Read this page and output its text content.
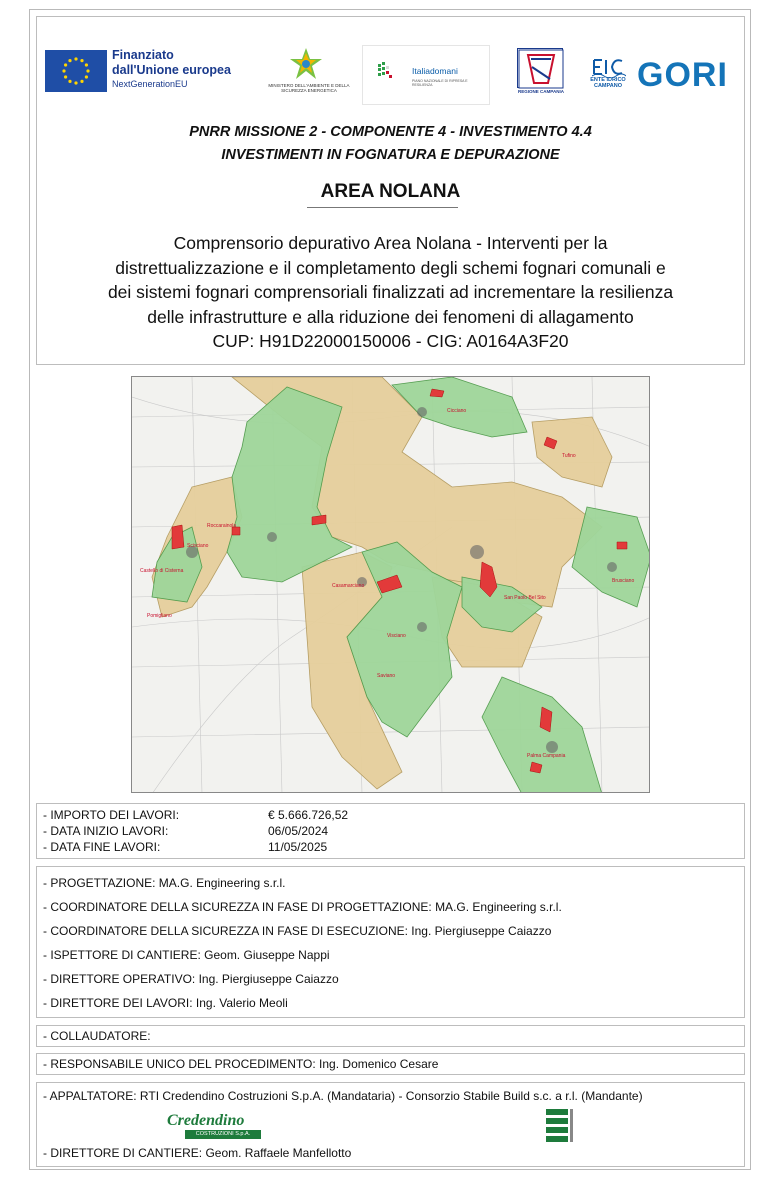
Finanziato
dall'Unione europea
NextGenerationEU	MINISTERO DELL'AMBIENTE E DELLA SICUREZZA ENERGETICA
Italiadomani
PIANO NAZIONALE DI RIPRESA E RESILIENZA
REGIONE CAMPANIA
ENTE IDRICO
CAMPANO GORI
PNRR MISSIONE 2 - COMPONENTE 4 - INVESTIMENTO 4.4
INVESTIMENTI IN FOGNATURA E DEPURAZIONE
AREA NOLANA
Comprensorio depurativo Area Nolana - Interventi per la
distrettualizzazione e il completamento degli schemi fognari comunali e
dei sistemi fognari comprensoriali finalizzati ad incrementare la resilienza
delle infrastrutture e alla riduzione dei fenomeni di allagamento
CUP: H91D22000150006 - CIG: A0164A3F20
Cicciano
Tufino
Casamarciano
Visciano
San Paolo Bel Sito
Saviano
Scisciano
Roccarainola
Castello di Cisterna
Brusciano
Pomigliano
Palma Campania
- IMPORTO DEI LAVORI:	€ 5.666.726,52
- DATA INIZIO LAVORI:	06/05/2024
- DATA FINE LAVORI:	11/05/2025
- PROGETTAZIONE: MA.G. Engineering s.r.l.
- COORDINATORE DELLA SICUREZZA IN FASE DI PROGETTAZIONE: MA.G. Engineering s.r.l.
- COORDINATORE DELLA SICUREZZA IN FASE DI ESECUZIONE: Ing. Piergiuseppe Caiazzo
- ISPETTORE DI CANTIERE: Geom. Giuseppe Nappi
- DIRETTORE OPERATIVO: Ing. Piergiuseppe Caiazzo
- DIRETTORE DEI LAVORI: Ing. Valerio Meoli
- COLLAUDATORE:
- RESPONSABILE UNICO DEL PROCEDIMENTO: Ing. Domenico Cesare
- APPALTATORE: RTI Credendino Costruzioni S.p.A. (Mandataria) - Consorzio Stabile Build s.c. a r.l. (Mandante)
Credendino
COSTRUZIONI S.p.A.
- DIRETTORE DI CANTIERE: Geom. Raffaele Manfellotto
